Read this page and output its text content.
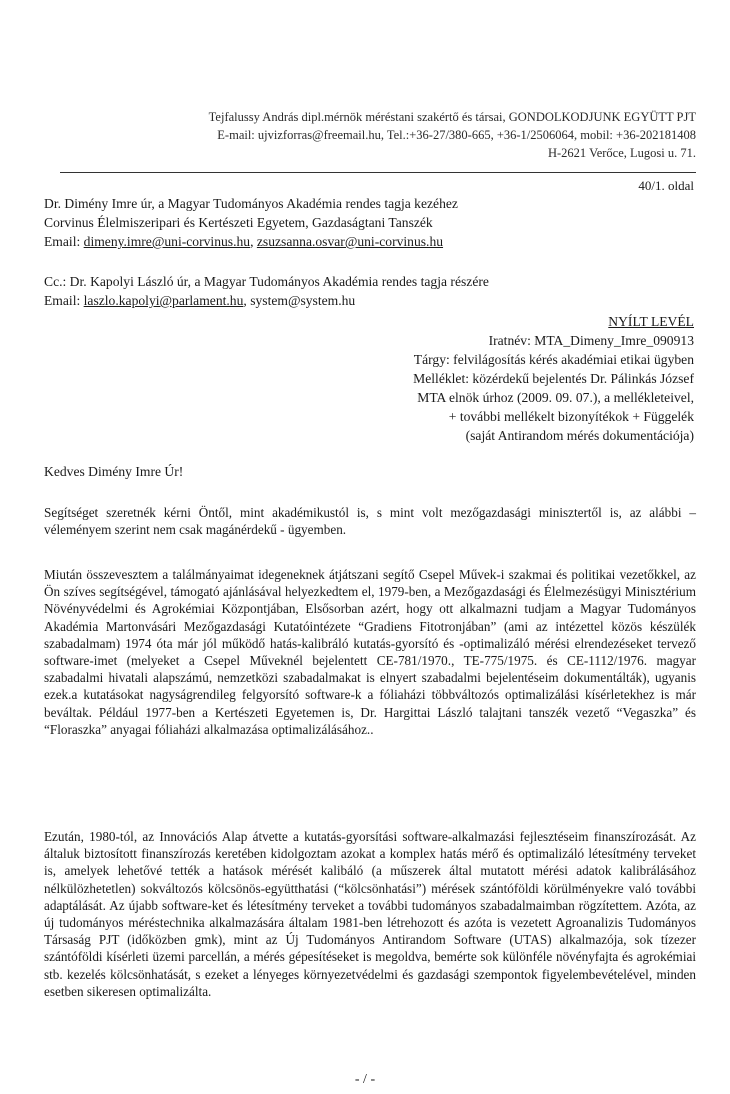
Tejfalussy András dipl.mérnök méréstani szakértő és társai, GONDOLKODJUNK EGYÜTT PJT
E-mail: ujvizforras@freemail.hu, Tel.:+36-27/380-665, +36-1/2506064, mobil: +36-202181408
H-2621 Verőce, Lugosi u. 71.
40/1. oldal
Dr. Dimény Imre úr, a Magyar Tudományos Akadémia rendes tagja kezéhez
Corvinus Élelmiszeripari és Kertészeti Egyetem, Gazdaságtani Tanszék
Email: dimeny.imre@uni-corvinus.hu, zsuzsanna.osvar@uni-corvinus.hu
Cc.: Dr. Kapolyi László úr, a Magyar Tudományos Akadémia rendes tagja részére
Email: laszlo.kapolyi@parlament.hu, system@system.hu
NYÍLT LEVÉL
Iratnév: MTA_Dimeny_Imre_090913
Tárgy: felvilágosítás kérés akadémiai etikai ügyben
Melléklet: közérdekű bejelentés Dr. Pálinkás József
MTA elnök úrhoz (2009. 09. 07.), a mellékleteivel,
+ további mellékelt bizonyítékok + Függelék
(saját Antirandom mérés dokumentációja)
Kedves Dimény Imre Úr!
Segítséget szeretnék kérni Öntől, mint akadémikustól is, s mint volt mezőgazdasági minisztertől is, az alábbi – véleményem szerint nem csak magánérdekű - ügyemben.
Miután összevesztem a találmányaimat idegeneknek átjátszani segítő Csepel Művek-i szakmai és politikai vezetőkkel, az Ön szíves segítségével, támogató ajánlásával helyezkedtem el, 1979-ben, a Mezőgazdasági és Élelmezésügyi Minisztérium Növényvédelmi és Agrokémiai Központjában, Elsősorban azért, hogy ott alkalmazni tudjam a Magyar Tudományos Akadémia Martonvásári Mezőgazdasági Kutatóintézete “Gradiens Fitotronjában” (ami az intézettel közös készülék szabadalmam) 1974 óta már jól működő hatás-kalibráló kutatás-gyorsító és -optimalizáló mérési elrendezéseket tervező software-imet (melyeket a Csepel Műveknél bejelentett CE-781/1970., TE-775/1975. és CE-1112/1976. magyar szabadalmi hivatali alapszámú, nemzetközi szabadalmakat is elnyert szabadalmi bejelentéseim dokumentálták), ugyanis ezek.a kutatásokat nagyságrendileg felgyorsító software-k a fóliaházi többváltozós optimalizálási kísérletekhez is már beváltak. Például 1977-ben a Kertészeti Egyetemen is, Dr. Hargittai László talajtani tanszék vezető “Vegaszka” és “Floraszka” anyagai fóliaházi alkalmazása optimalizálásához..
Ezután, 1980-tól, az Innovációs Alap átvette a kutatás-gyorsítási software-alkalmazási fejlesztéseim finanszírozását. Az általuk biztosított finanszírozás keretében kidolgoztam azokat a komplex hatás mérő és optimalizáló létesítmény terveket is, amelyek lehetővé tették a hatások mérését kalibáló (a műszerek által mutatott mérési adatok kalibrálásához nélkülözhetetlen) sokváltozós kölcsönös-együtthatási (“kölcsönhatási”) mérések szántóföldi körülményekre való további adaptálását. Az újabb software-ket és létesítmény terveket a további tudományos szabadalmaimban rögzítettem. Azóta, az új tudományos méréstechnika alkalmazására általam 1981-ben létrehozott és azóta is vezetett Agroanalizis Tudományos Társaság PJT (időközben gmk), mint az Új Tudományos Antirandom Software (UTAS) alkalmazója, sok tízezer szántóföldi kísérleti üzemi parcellán, a mérés gépesítéseket is megoldva, bemérte sok különféle növényfajta és agrokémiai stb. kezelés kölcsönhatását, s ezeket a lényeges környezetvédelmi és gazdasági szempontok figyelembevételével, minden esetben sikeresen optimalizálta.
- / -
